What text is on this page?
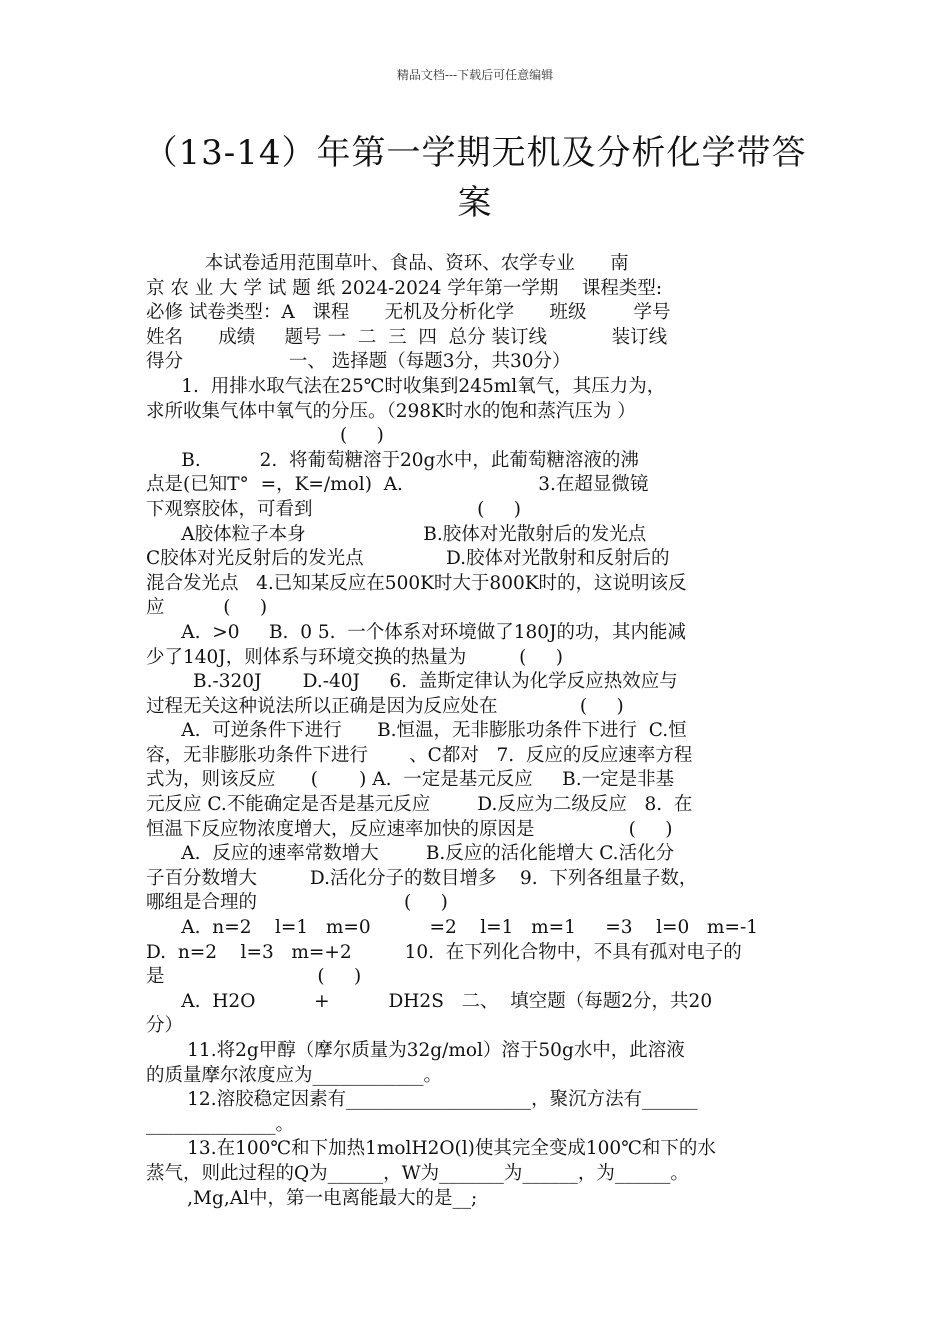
精品文档---下载后可任意编辑
（13-14）年第一学期无机及分析化学带答案
本试卷适用范围草叶、食品、资环、农学专业      南
京 农 业 大 学 试 题 纸 2024-2024 学年第一学期    课程类型:
必修 试卷类型：A   课程      无机及分析化学      班级        学号
姓名      成绩     题号 一  二  三  四  总分 装订线           装订线
得分                  一、 选择题（每题3分，共30分）
1.  用排水取气法在25℃时收集到245ml氧气，其压力为，
求所收集气体中氧气的分压。（298K时水的饱和蒸汽压为 ）
(     )
B.          2.  将葡萄糖溶于20g水中，此葡萄糖溶液的沸
点是(已知T°  =，K=/mol)  A.                       3.在超显微镜
下观察胶体，可看到                            (     )
A胶体粒子本身                    B.胶体对光散射后的发光点
C胶体对光反射后的发光点              D.胶体对光散射和反射后的
混合发光点   4.已知某反应在500K时大于800K时的，这说明该反
应          (     )
A.  >0     B.  0 5.  一个体系对环境做了180J的功，其内能减
少了140J，则体系与环境交换的热量为         (     )
B.-320J       D.-40J     6.  盖斯定律认为化学反应热效应与
过程无关这种说法所以正确是因为反应处在              (     )
A.  可逆条件下进行      B.恒温，无非膨胀功条件下进行  C.恒
容，无非膨胀功条件下进行       、C都对   7.  反应的反应速率方程
式为，则该反应      (       ) A.  一定是基元反应     B.一定是非基
元反应 C.不能确定是否是基元反应        D.反应为二级反应   8.  在
恒温下反应物浓度增大，反应速率加快的原因是                (     )
A.  反应的速率常数增大        B.反应的活化能增大 C.活化分
子百分数增大         D.活化分子的数目增多    9.  下列各组量子数，
哪组是合理的                         (     )
A.  n=2    l=1   m=0          =2    l=1   m=1     =3    l=0   m=-1
D.  n=2    l=3   m=+2         10.  在下列化合物中，不具有孤对电子的
是                          (     )
A.  H2O          +          DH2S   二、  填空题（每题2分，共20
分）
11.将2g甲醇（摩尔质量为32g/mol）溶于50g水中，此溶液
的质量摩尔浓度应为____________。
12.溶胶稳定因素有____________________，聚沉方法有______
______________。
13.在100℃和下加热1molH2O(l)使其完全变成100℃和下的水
蒸气，则此过程的Q为______，W为_______为______，为______。
,Mg,Al中，第一电离能最大的是__;
